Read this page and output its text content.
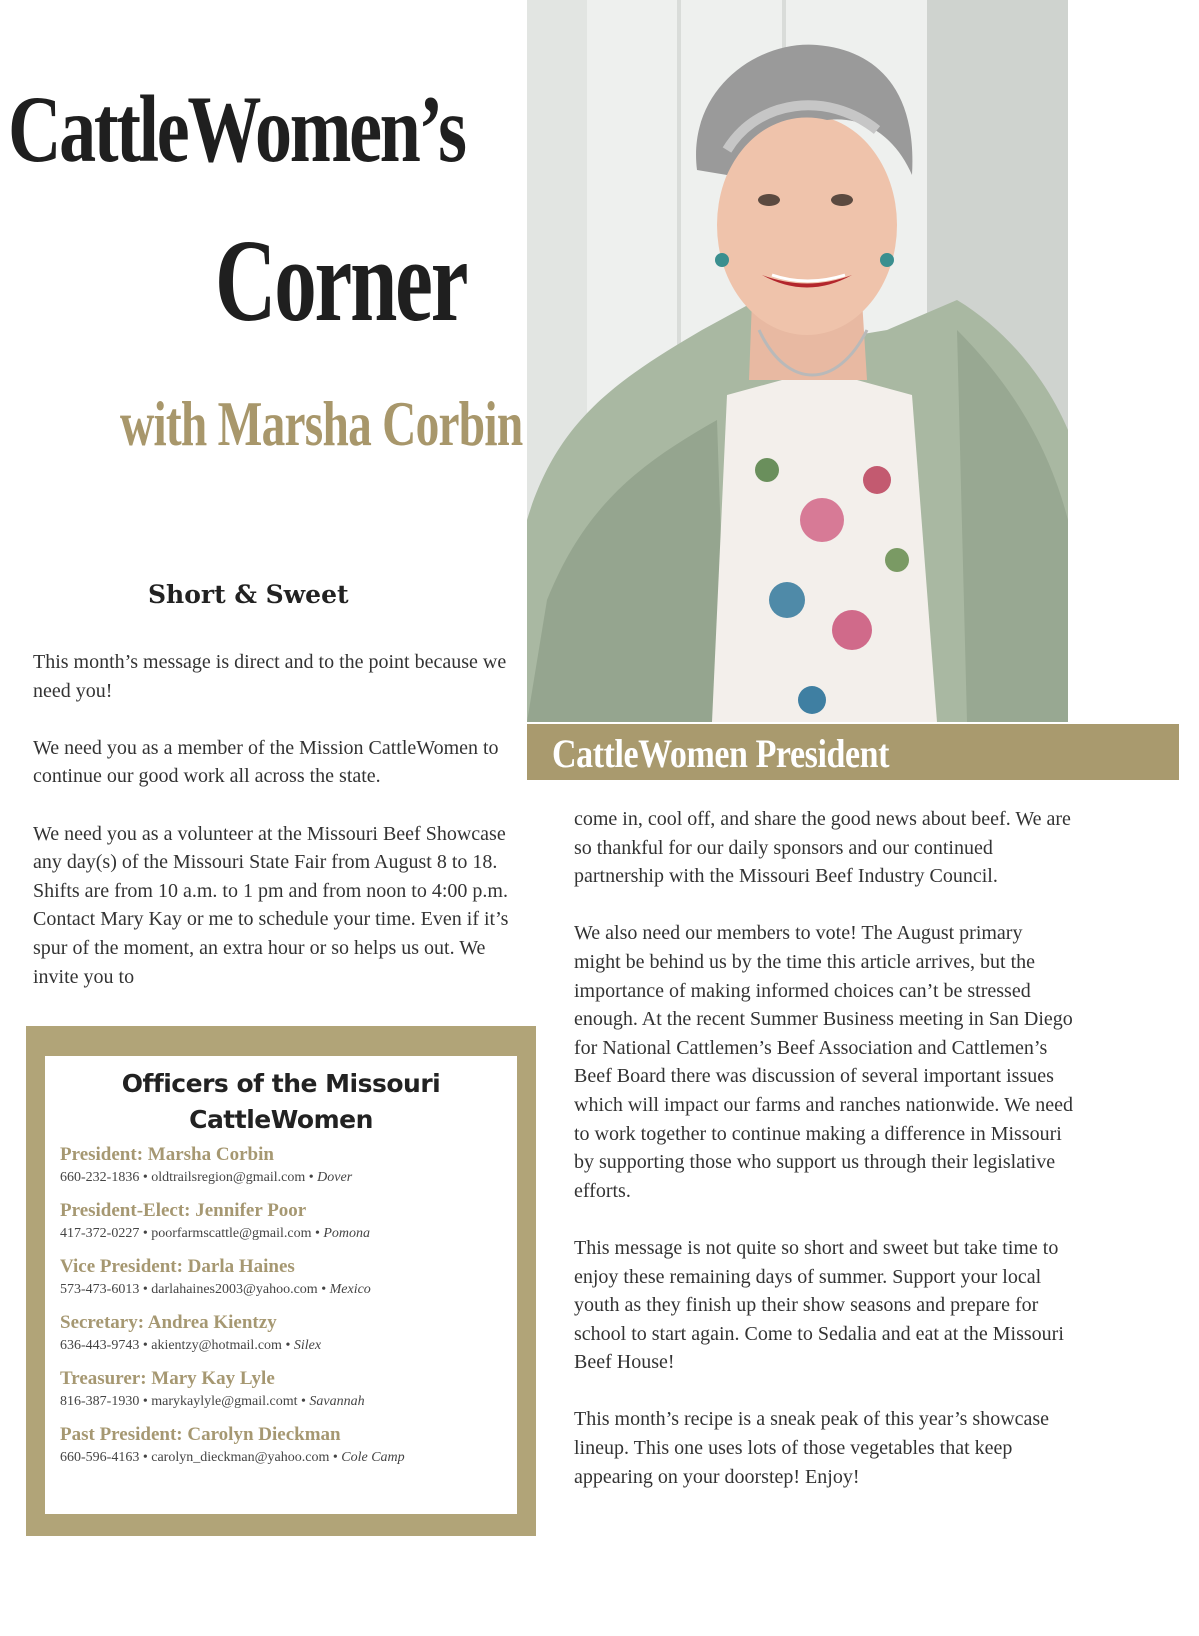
CattleWomen’s
Corner
with Marsha Corbin
CattleWomen President
Short & Sweet

This month’s message is direct and to the point because we need you!

We need you as a member of the Mission CattleWomen to continue our good work all across the state.

We need you as a volunteer at the Missouri Beef Showcase any day(s) of the Missouri State Fair from August 8 to 18. Shifts are from 10 a.m. to 1 pm and from noon to 4:00 p.m. Contact Mary Kay or me to schedule your time. Even if it’s spur of the moment, an extra hour or so helps us out. We invite you to

come in, cool off, and share the good news about beef. We are so thankful for our daily sponsors and our continued partnership with the Missouri Beef Industry Council.

We also need our members to vote! The August primary might be behind us by the time this article arrives, but the importance of making informed choices can’t be stressed enough. At the recent Summer Business meeting in San Diego for National Cattlemen’s Beef Association and Cattlemen’s Beef Board there was discussion of several important issues which will impact our farms and ranches nationwide. We need to work together to continue making a difference in Missouri by supporting those who support us through their legislative efforts.

This message is not quite so short and sweet but take time to enjoy these remaining days of summer. Support your local youth as they finish up their show seasons and prepare for school to start again. Come to Sedalia and eat at the Missouri Beef House!

This month’s recipe is a sneak peak of this year’s showcase lineup. This one uses lots of those vegetables that keep appearing on your doorstep! Enjoy!

Officers of the Missouri
CattleWomen
President: Marsha Corbin
660-232-1836 • oldtrailsregion@gmail.com • Dover
President-Elect: Jennifer Poor
417-372-0227 • poorfarmscattle@gmail.com • Pomona
Vice President: Darla Haines
573-473-6013 • darlahaines2003@yahoo.com • Mexico
Secretary: Andrea Kientzy
636-443-9743 • akientzy@hotmail.com • Silex
Treasurer: Mary Kay Lyle
816-387-1930 • marykaylyle@gmail.comt • Savannah
Past President: Carolyn Dieckman
660-596-4163 • carolyn_dieckman@yahoo.com • Cole Camp
